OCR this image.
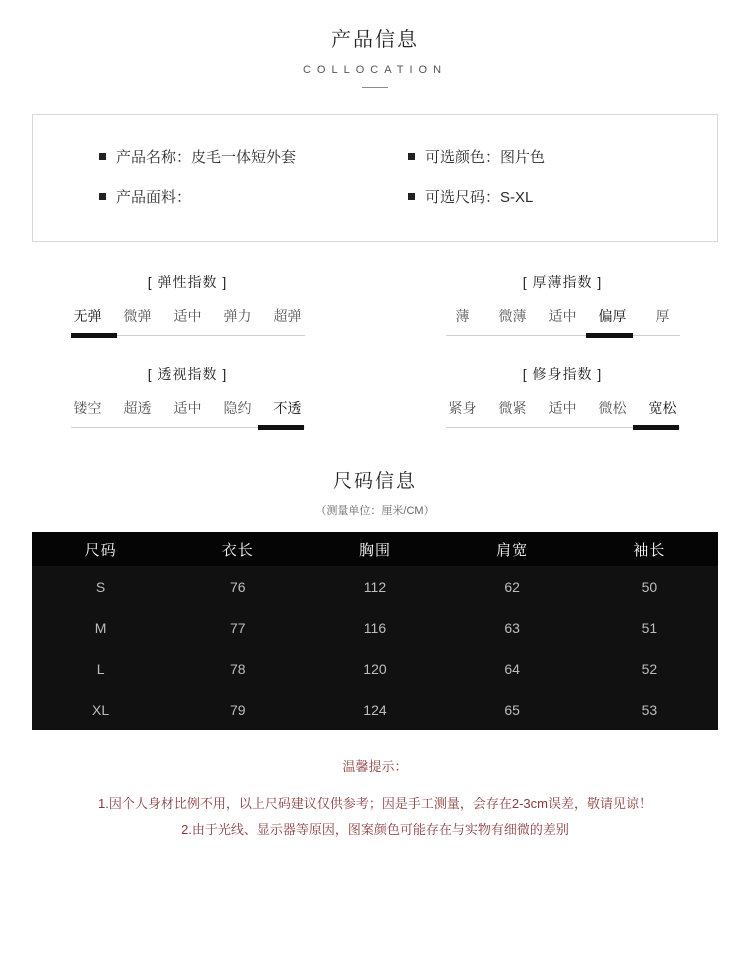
产品信息
COLLOCATION
产品名称： 皮毛一体短外套	可选颜色： 图片色
产品面料：	可选尺码： S-XL
[ 弹性指数 ]
无弹 微弹 适中 弹力 超弹
[ 厚薄指数 ]
薄	微薄 适中 偏厚	厚
[ 透视指数 ]
镂空 超透 适中 隐约 不透
[ 修身指数 ]
紧身 微紧 适中 微松 宽松
尺码信息
（测量单位：厘米/CM）
尺码	衣长	胸围	肩宽	袖长
S	76	112	62	50
M	77	116	63	51
L	78	120	64	52
XL	79	124	65	53
温馨提示：
1.因个人身材比例不用，以上尺码建议仅供参考；因是手工测量，会存在2-3cm误差，敬请见谅！
2.由于光线、显示器等原因，图案颜色可能存在与实物有细微的差别
